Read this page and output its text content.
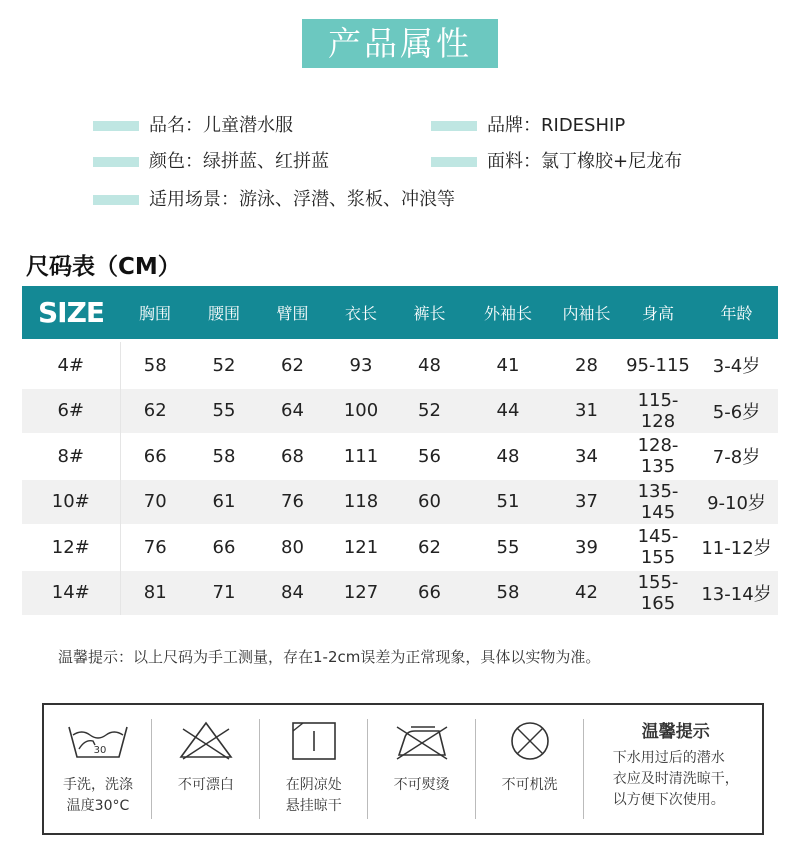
产品属性
品名：儿童潜水服	品牌：RIDESHIP
颜色：绿拼蓝、红拼蓝	面料：氯丁橡胶+尼龙布
适用场景：游泳、浮潜、浆板、冲浪等
尺码表（CM）
SIZE	胸围	腰围	臂围	衣长	裤长	外袖长	内袖长	身高	年龄

4#	58	52	62	93	48	41	28	95-115	3-4岁
6#	62	55	64	100	52	44	31	115-128	5-6岁
8#	66	58	68	111	56	48	34	128-135	7-8岁
10#	70	61	76	118	60	51	37	135-145	9-10岁
12#	76	66	80	121	62	55	39	145-155	11-12岁
14#	81	71	84	127	66	58	42	155-165	13-14岁
温馨提示：以上尺码为手工测量，存在1-2cm误差为正常现象，具体以实物为准。
30
手洗，洗涤
温度30°C
不可漂白	在阴凉处
悬挂晾干
不可熨烫	不可机洗
温馨提示
下水用过后的潜水
衣应及时清洗晾干，
以方便下次使用。
